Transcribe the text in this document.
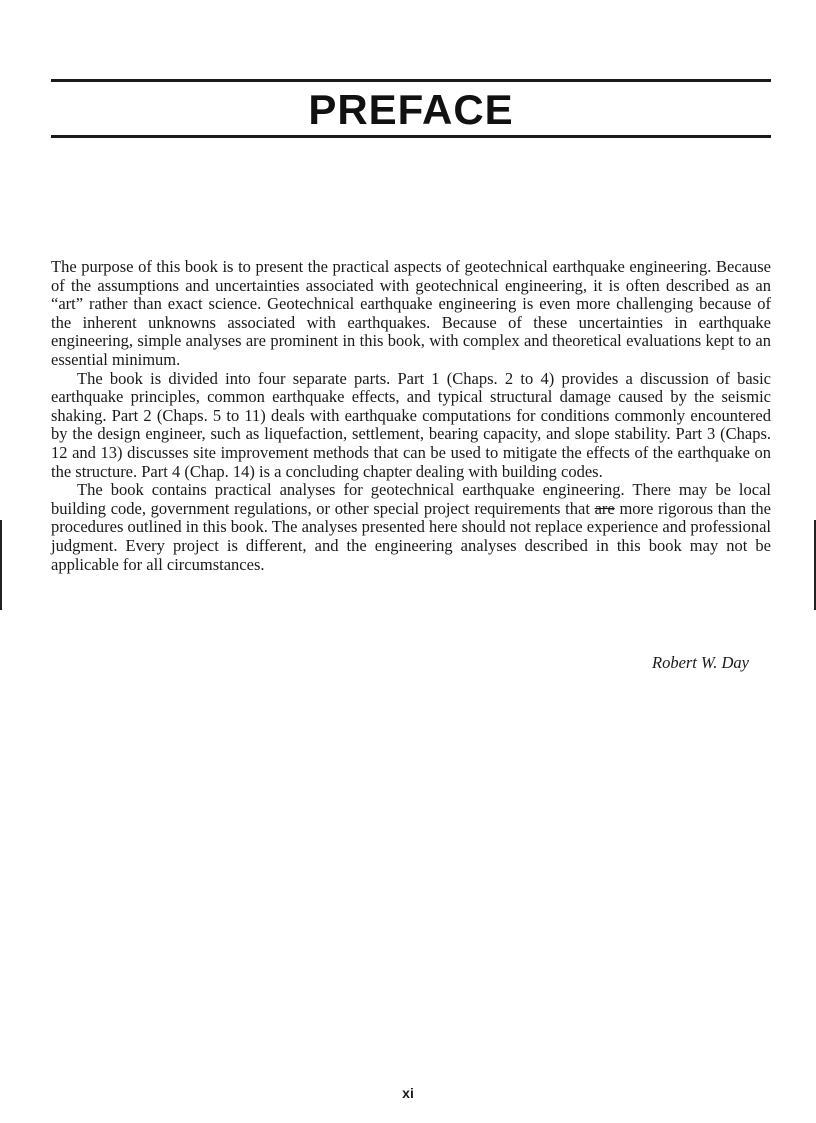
PREFACE

The purpose of this book is to present the practical aspects of geotechnical earthquake engineering. Because of the assumptions and uncertainties associated with geotechnical engineering, it is often described as an “art” rather than exact science. Geotechnical earthquake engineering is even more challenging because of the inherent unknowns associated with earthquakes. Because of these uncertainties in earthquake engineering, simple analyses are prominent in this book, with complex and theoretical evaluations kept to an essential minimum.

The book is divided into four separate parts. Part 1 (Chaps. 2 to 4) provides a discussion of basic earthquake principles, common earthquake effects, and typical structural damage caused by the seismic shaking. Part 2 (Chaps. 5 to 11) deals with earthquake computations for conditions commonly encountered by the design engineer, such as liquefaction, settlement, bearing capacity, and slope stability. Part 3 (Chaps. 12 and 13) discusses site improvement methods that can be used to mitigate the effects of the earthquake on the structure. Part 4 (Chap. 14) is a concluding chapter dealing with building codes.

The book contains practical analyses for geotechnical earthquake engineering. There may be local building code, government regulations, or other special project requirements that are more rigorous than the procedures outlined in this book. The analyses presented here should not replace experience and professional judgment. Every project is different, and the engineering analyses described in this book may not be applicable for all circumstances.

Robert W. Day
xi
